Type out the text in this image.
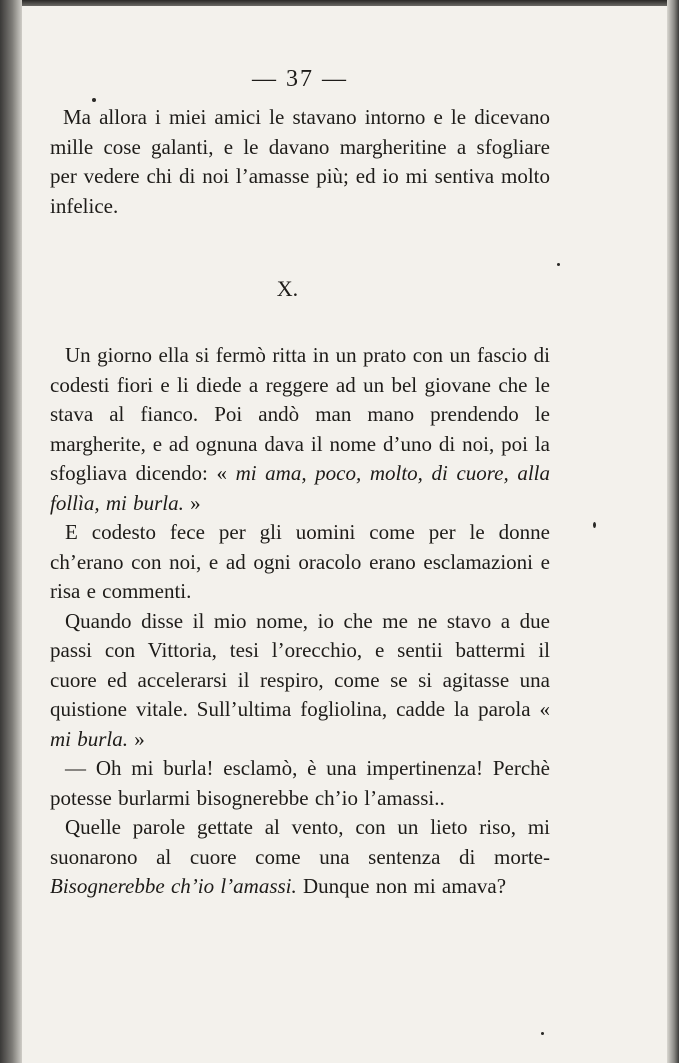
— 37 —

Ma allora i miei amici le stavano intorno e le dicevano mille cose galanti, e le davano margheritine a sfogliare per vedere chi di noi l’amasse più; ed io mi sentiva molto infelice.

X.

Un giorno ella si fermò ritta in un prato con un fascio di codesti fiori e li diede a reggere ad un bel giovane che le stava al fianco. Poi andò man mano prendendo le margherite, e ad ognuna dava il nome d’uno di noi, poi la sfogliava dicendo: « mi ama, poco, molto, di cuore, alla follìa, mi burla. »

E codesto fece per gli uomini come per le donne ch’erano con noi, e ad ogni oracolo erano esclamazioni e risa e commenti.

Quando disse il mio nome, io che me ne stavo a due passi con Vittoria, tesi l’orecchio, e sentii battermi il cuore ed accelerarsi il respiro, come se si agitasse una quistione vitale. Sull’ultima fogliolina, cadde la parola « mi burla. »

— Oh mi burla! esclamò, è una impertinenza! Perchè potesse burlarmi bisognerebbe ch’io l’amassi..

Quelle parole gettate al vento, con un lieto riso, mi suonarono al cuore come una sentenza di morte- Bisognerebbe ch’io l’amassi. Dunque non mi amava?
